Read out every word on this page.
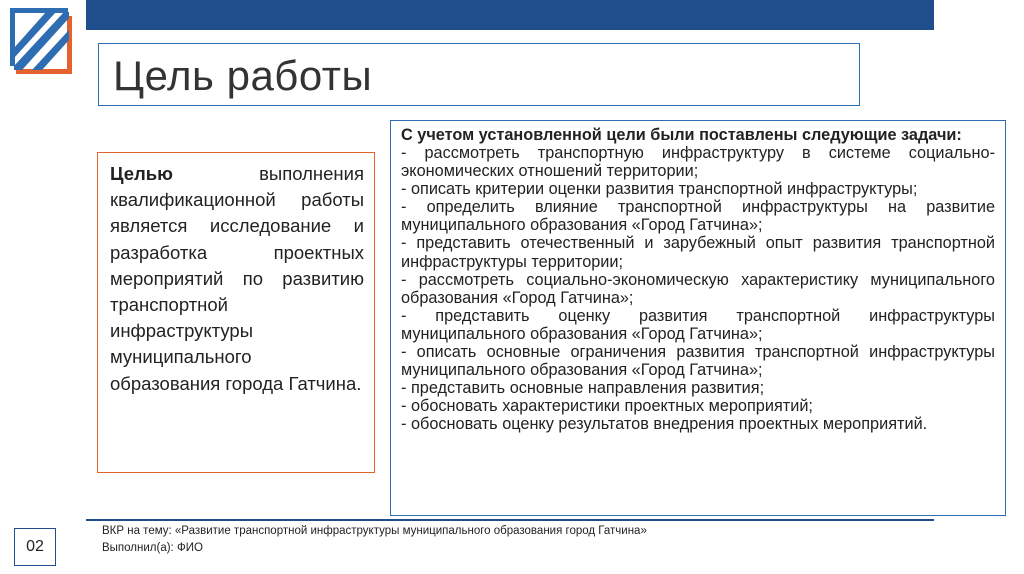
Цель работы
Целью выполнения квалификационной работы является исследование и разработка проектных мероприятий по развитию транспортной инфраструктуры муниципального образования города Гатчина.
С учетом установленной цели были поставлены следующие задачи:
- рассмотреть транспортную инфраструктуру в системе социально-экономических отношений территории;
- описать критерии оценки развития транспортной инфраструктуры;
- определить влияние транспортной инфраструктуры на развитие муниципального образования «Город Гатчина»;
- представить отечественный и зарубежный опыт развития транспортной инфраструктуры территории;
- рассмотреть социально-экономическую характеристику муниципального образования «Город Гатчина»;
- представить оценку развития транспортной инфраструктуры муниципального образования «Город Гатчина»;
- описать основные ограничения развития транспортной инфраструктуры муниципального образования «Город Гатчина»;
- представить основные направления развития;
- обосновать характеристики проектных мероприятий;
- обосновать оценку результатов внедрения проектных мероприятий.
02
ВКР на тему: «Развитие транспортной инфраструктуры муниципального образования город Гатчина»
Выполнил(а): ФИО
